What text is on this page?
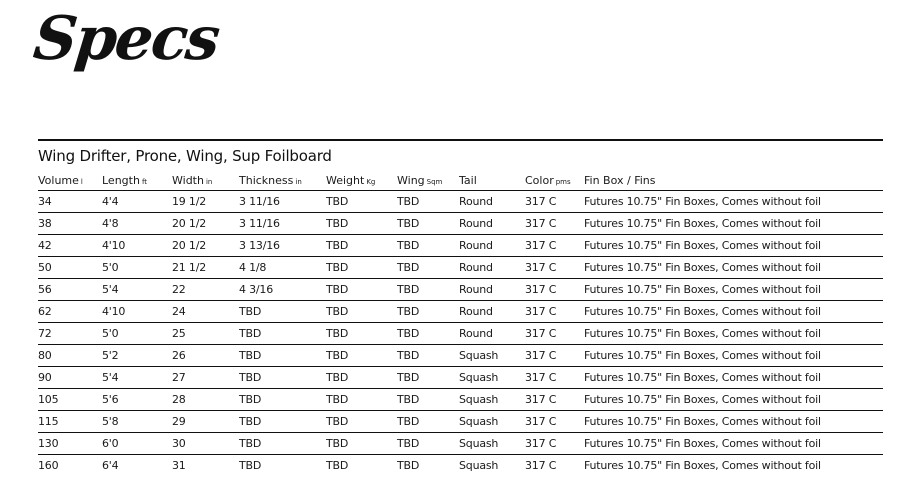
Specs
Wing Drifter, Prone, Wing, Sup Foilboard
Volume l	Length ft	Width in	Thickness in	Weight Kg	Wing Sqm	Tail	Color pms	Fin Box / Fins
34	4'4	19 1/2	3 11/16	TBD	TBD	Round	317 C	Futures 10.75" Fin Boxes, Comes without foil
38	4'8	20 1/2	3 11/16	TBD	TBD	Round	317 C	Futures 10.75" Fin Boxes, Comes without foil
42	4'10	20 1/2	3 13/16	TBD	TBD	Round	317 C	Futures 10.75" Fin Boxes, Comes without foil
50	5'0	21 1/2	4 1/8	TBD	TBD	Round	317 C	Futures 10.75" Fin Boxes, Comes without foil
56	5'4	22	4 3/16	TBD	TBD	Round	317 C	Futures 10.75" Fin Boxes, Comes without foil
62	4'10	24	TBD	TBD	TBD	Round	317 C	Futures 10.75" Fin Boxes, Comes without foil
72	5'0	25	TBD	TBD	TBD	Round	317 C	Futures 10.75" Fin Boxes, Comes without foil
80	5'2	26	TBD	TBD	TBD	Squash	317 C	Futures 10.75" Fin Boxes, Comes without foil
90	5'4	27	TBD	TBD	TBD	Squash	317 C	Futures 10.75" Fin Boxes, Comes without foil
105	5'6	28	TBD	TBD	TBD	Squash	317 C	Futures 10.75" Fin Boxes, Comes without foil
115	5'8	29	TBD	TBD	TBD	Squash	317 C	Futures 10.75" Fin Boxes, Comes without foil
130	6'0	30	TBD	TBD	TBD	Squash	317 C	Futures 10.75" Fin Boxes, Comes without foil
160	6'4	31	TBD	TBD	TBD	Squash	317 C	Futures 10.75" Fin Boxes, Comes without foil
